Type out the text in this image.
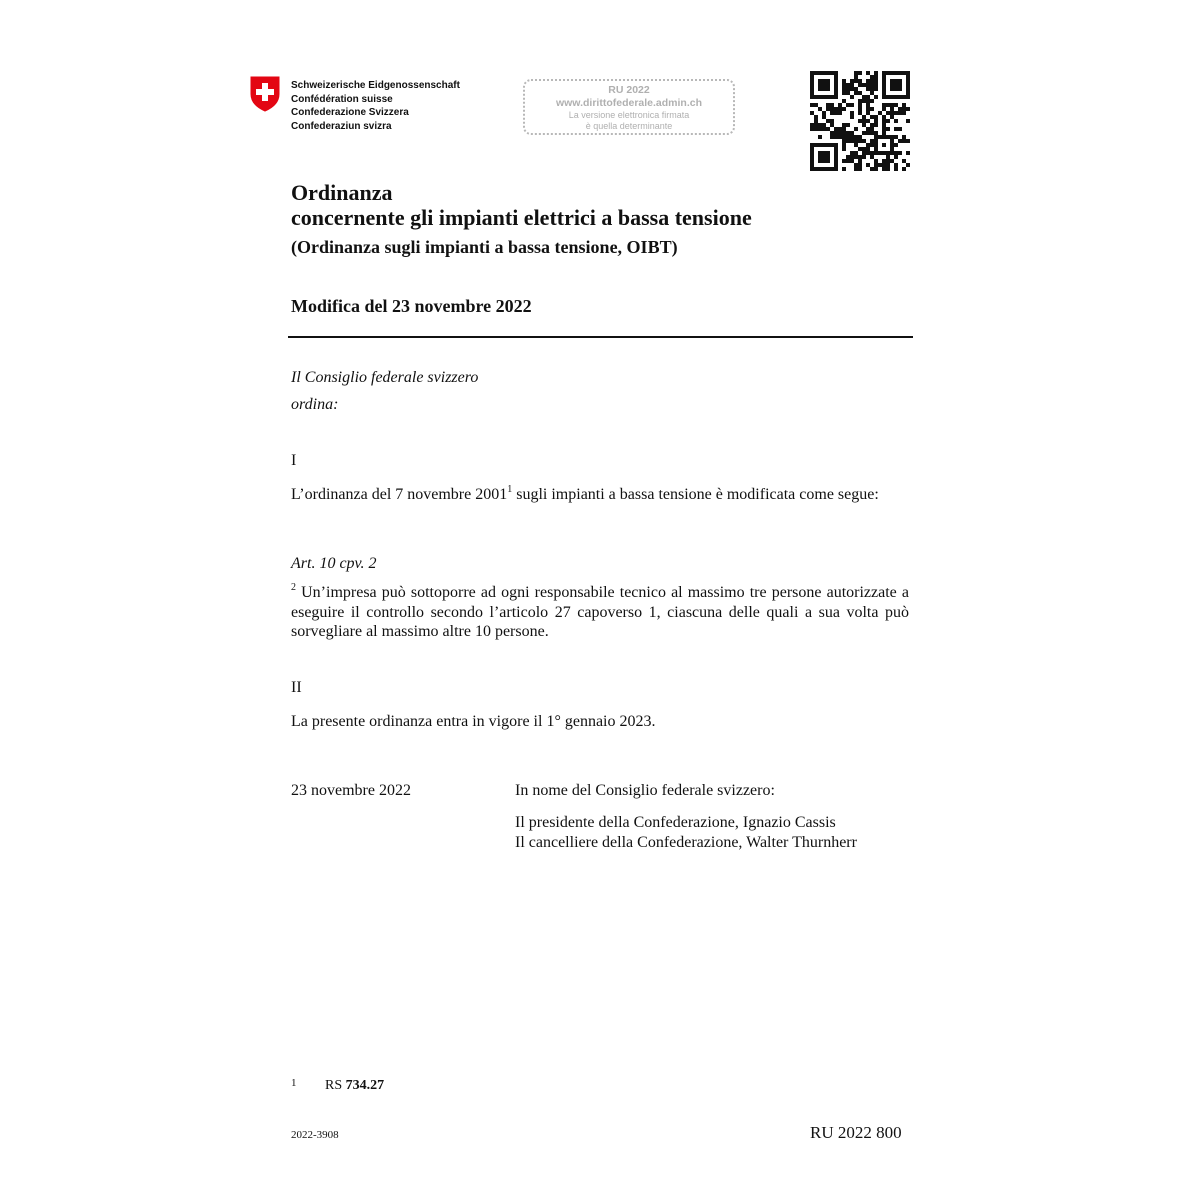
Schweizerische Eidgenossenschaft
Confédération suisse
Confederazione Svizzera
Confederaziun svizra
RU 2022
www.dirittofederale.admin.ch
La versione elettronica firmata
è quella determinante
Ordinanza
concernente gli impianti elettrici a bassa tensione
(Ordinanza sugli impianti a bassa tensione, OIBT)
Modifica del 23 novembre 2022
Il Consiglio federale svizzero
ordina:
I
L’ordinanza del 7 novembre 2001$^1$ sugli impianti a bassa tensione è modificata come segue:
Art. 10 cpv. 2
$^2$ Un’impresa può sottoporre ad ogni responsabile tecnico al massimo tre persone autorizzate a eseguire il controllo secondo l’articolo 27 capoverso 1, ciascuna delle quali a sua volta può sorvegliare al massimo altre 10 persone.
II
La presente ordinanza entra in vigore il 1° gennaio 2023.
23 novembre 2022	In nome del Consiglio federale svizzero:
Il presidente della Confederazione, Ignazio Cassis
Il cancelliere della Confederazione, Walter Thurnherr
1 RS 734.27
2022-3908	RU 2022 800
